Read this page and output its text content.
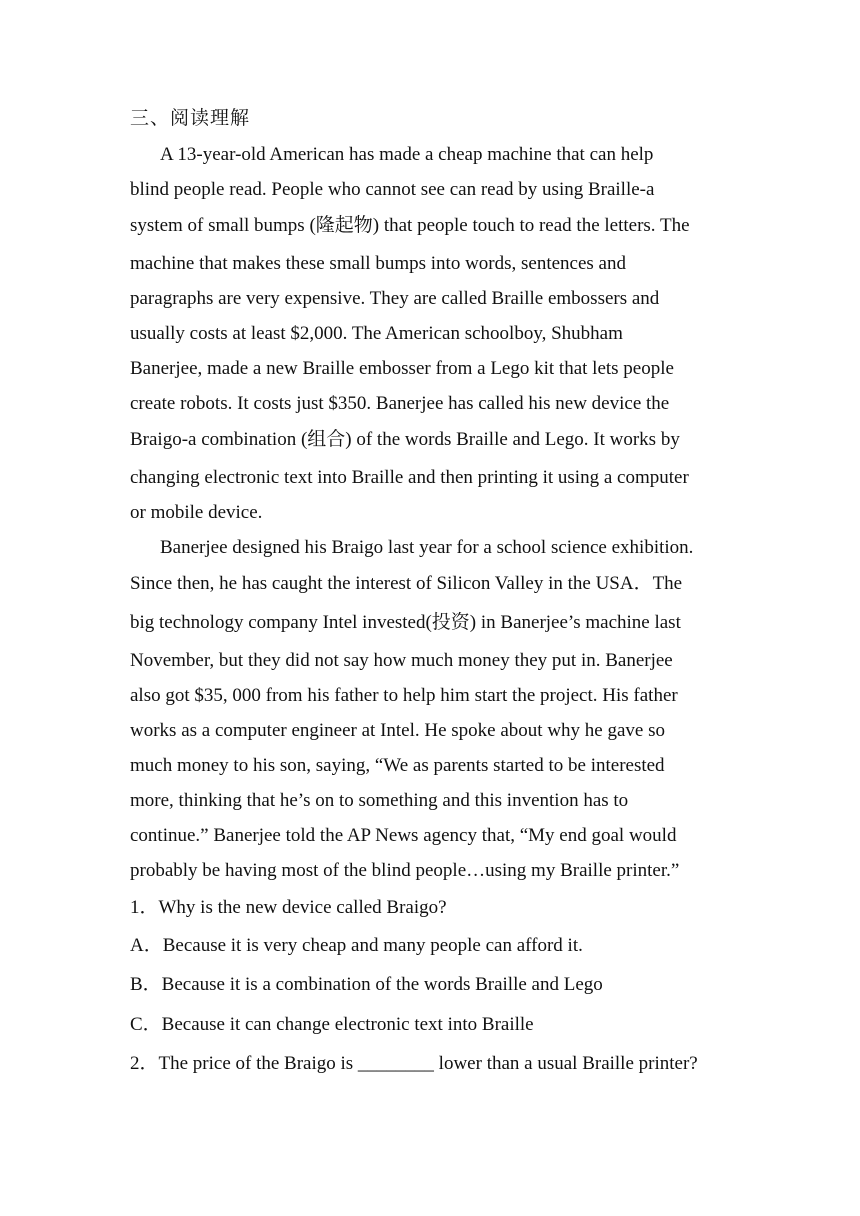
三、阅读理解
A 13-year-old American has made a cheap machine that can help
blind people read. People who cannot see can read by using Braille-a
system of small bumps (隆起物) that people touch to read the letters. The
machine that makes these small bumps into words, sentences and
paragraphs are very expensive. They are called Braille embossers and
usually costs at least $2,000. The American schoolboy, Shubham
Banerjee, made a new Braille embosser from a Lego kit that lets people
create robots. It costs just $350. Banerjee has called his new device the
Braigo-a combination (组合) of the words Braille and Lego. It works by
changing electronic text into Braille and then printing it using a computer
or mobile device.
Banerjee designed his Braigo last year for a school science exhibition.
Since then, he has caught the interest of Silicon Valley in the USA．The
big technology company Intel invested(投资) in Banerjee’s machine last
November, but they did not say how much money they put in. Banerjee
also got $35, 000 from his father to help him start the project. His father
works as a computer engineer at Intel. He spoke about why he gave so
much money to his son, saying, “We as parents started to be interested
more, thinking that he’s on to something and this invention has to
continue.” Banerjee told the AP News agency that, “My end goal would
probably be having most of the blind people…using my Braille printer.”
1．Why is the new device called Braigo?
A．Because it is very cheap and many people can afford it.
B．Because it is a combination of the words Braille and Lego
C．Because it can change electronic text into Braille
2．The price of the Braigo is ________ lower than a usual Braille printer?
